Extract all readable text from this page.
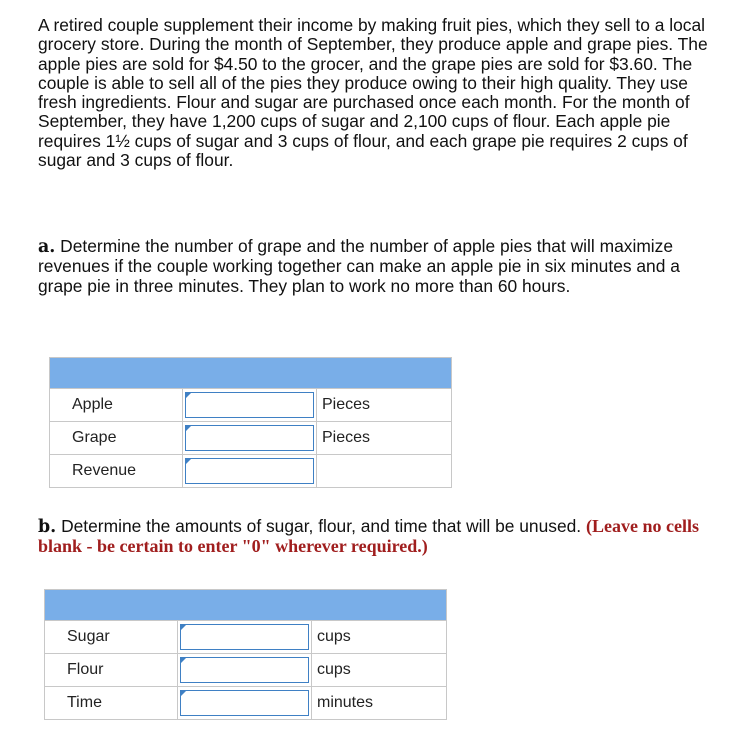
A retired couple supplement their income by making fruit pies, which they sell to a local grocery store. During the month of September, they produce apple and grape pies. The apple pies are sold for $4.50 to the grocer, and the grape pies are sold for $3.60. The couple is able to sell all of the pies they produce owing to their high quality. They use fresh ingredients. Flour and sugar are purchased once each month. For the month of September, they have 1,200 cups of sugar and 2,100 cups of flour. Each apple pie requires 1½ cups of sugar and 3 cups of flour, and each grape pie requires 2 cups of sugar and 3 cups of flour.

a. Determine the number of grape and the number of apple pies that will maximize revenues if the couple working together can make an apple pie in six minutes and a grape pie in three minutes. They plan to work no more than 60 hours.

Apple		Pieces
Grape		Pieces
Revenue	

b. Determine the amounts of sugar, flour, and time that will be unused. (Leave no cells blank - be certain to enter "0" wherever required.)

Sugar		cups
Flour		cups
Time		minutes
